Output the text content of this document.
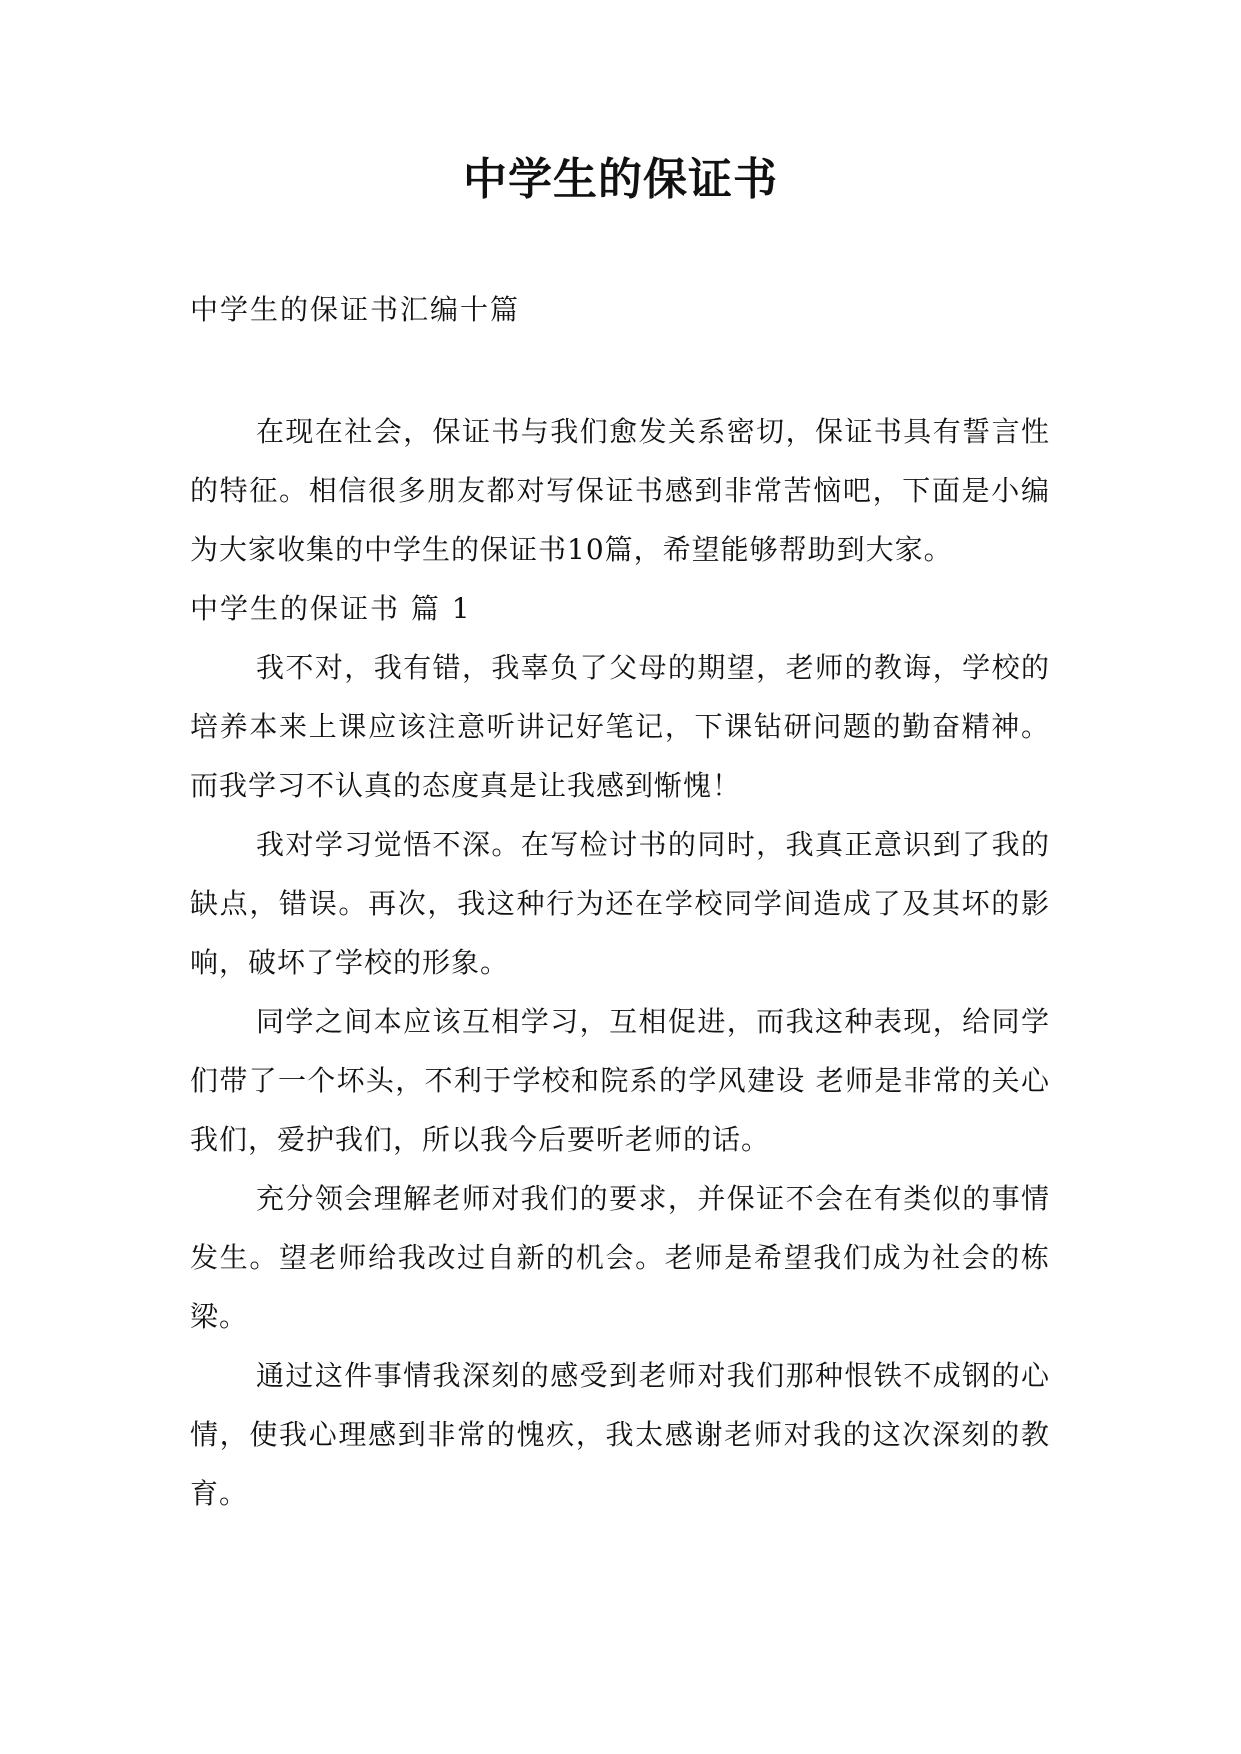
中学生的保证书
中学生的保证书汇编十篇

在现在社会，保证书与我们愈发关系密切，保证书具有誓言性的特征。相信很多朋友都对写保证书感到非常苦恼吧，下面是小编为大家收集的中学生的保证书10篇，希望能够帮助到大家。

中学生的保证书 篇 1

我不对，我有错，我辜负了父母的期望，老师的教诲，学校的培养本来上课应该注意听讲记好笔记，下课钻研问题的勤奋精神。而我学习不认真的态度真是让我感到惭愧！

我对学习觉悟不深。在写检讨书的同时，我真正意识到了我的缺点，错误。再次，我这种行为还在学校同学间造成了及其坏的影响，破坏了学校的形象。

同学之间本应该互相学习，互相促进，而我这种表现，给同学们带了一个坏头，不利于学校和院系的学风建设 老师是非常的关心我们，爱护我们，所以我今后要听老师的话。

充分领会理解老师对我们的要求，并保证不会在有类似的事情发生。望老师给我改过自新的机会。老师是希望我们成为社会的栋梁。

通过这件事情我深刻的感受到老师对我们那种恨铁不成钢的心情，使我心理感到非常的愧疚，我太感谢老师对我的这次深刻的教育。
